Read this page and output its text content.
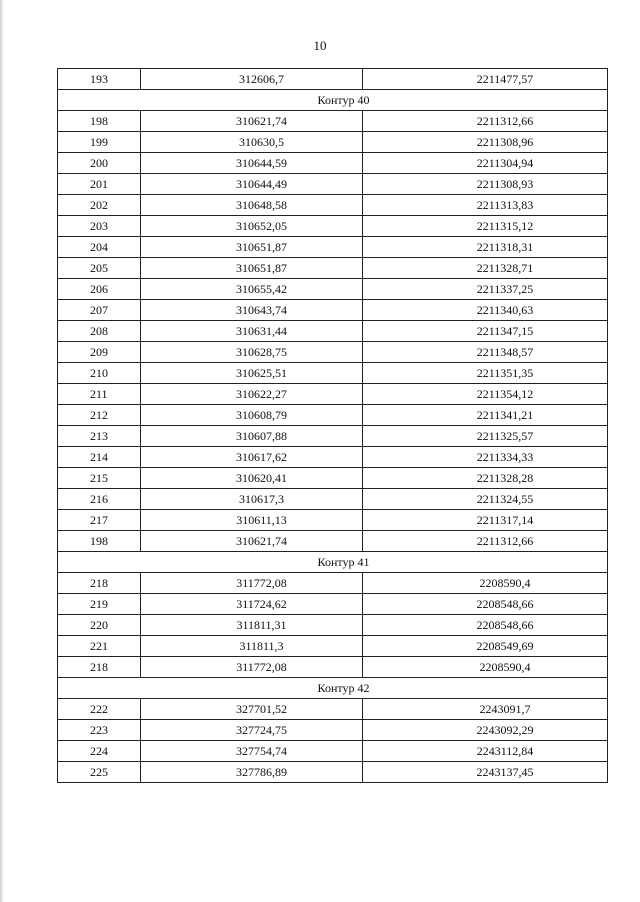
10
193	312606,7	2211477,57
Контур 40		
198	310621,74	2211312,66
199	310630,5	2211308,96
200	310644,59	2211304,94
201	310644,49	2211308,93
202	310648,58	2211313,83
203	310652,05	2211315,12
204	310651,87	2211318,31
205	310651,87	2211328,71
206	310655,42	2211337,25
207	310643,74	2211340,63
208	310631,44	2211347,15
209	310628,75	2211348,57
210	310625,51	2211351,35
211	310622,27	2211354,12
212	310608,79	2211341,21
213	310607,88	2211325,57
214	310617,62	2211334,33
215	310620,41	2211328,28
216	310617,3	2211324,55
217	310611,13	2211317,14
198	310621,74	2211312,66
Контур 41		
218	311772,08	2208590,4
219	311724,62	2208548,66
220	311811,31	2208548,66
221	311811,3	2208549,69
218	311772,08	2208590,4
Контур 42		
222	327701,52	2243091,7
223	327724,75	2243092,29
224	327754,74	2243112,84
225	327786,89	2243137,45
